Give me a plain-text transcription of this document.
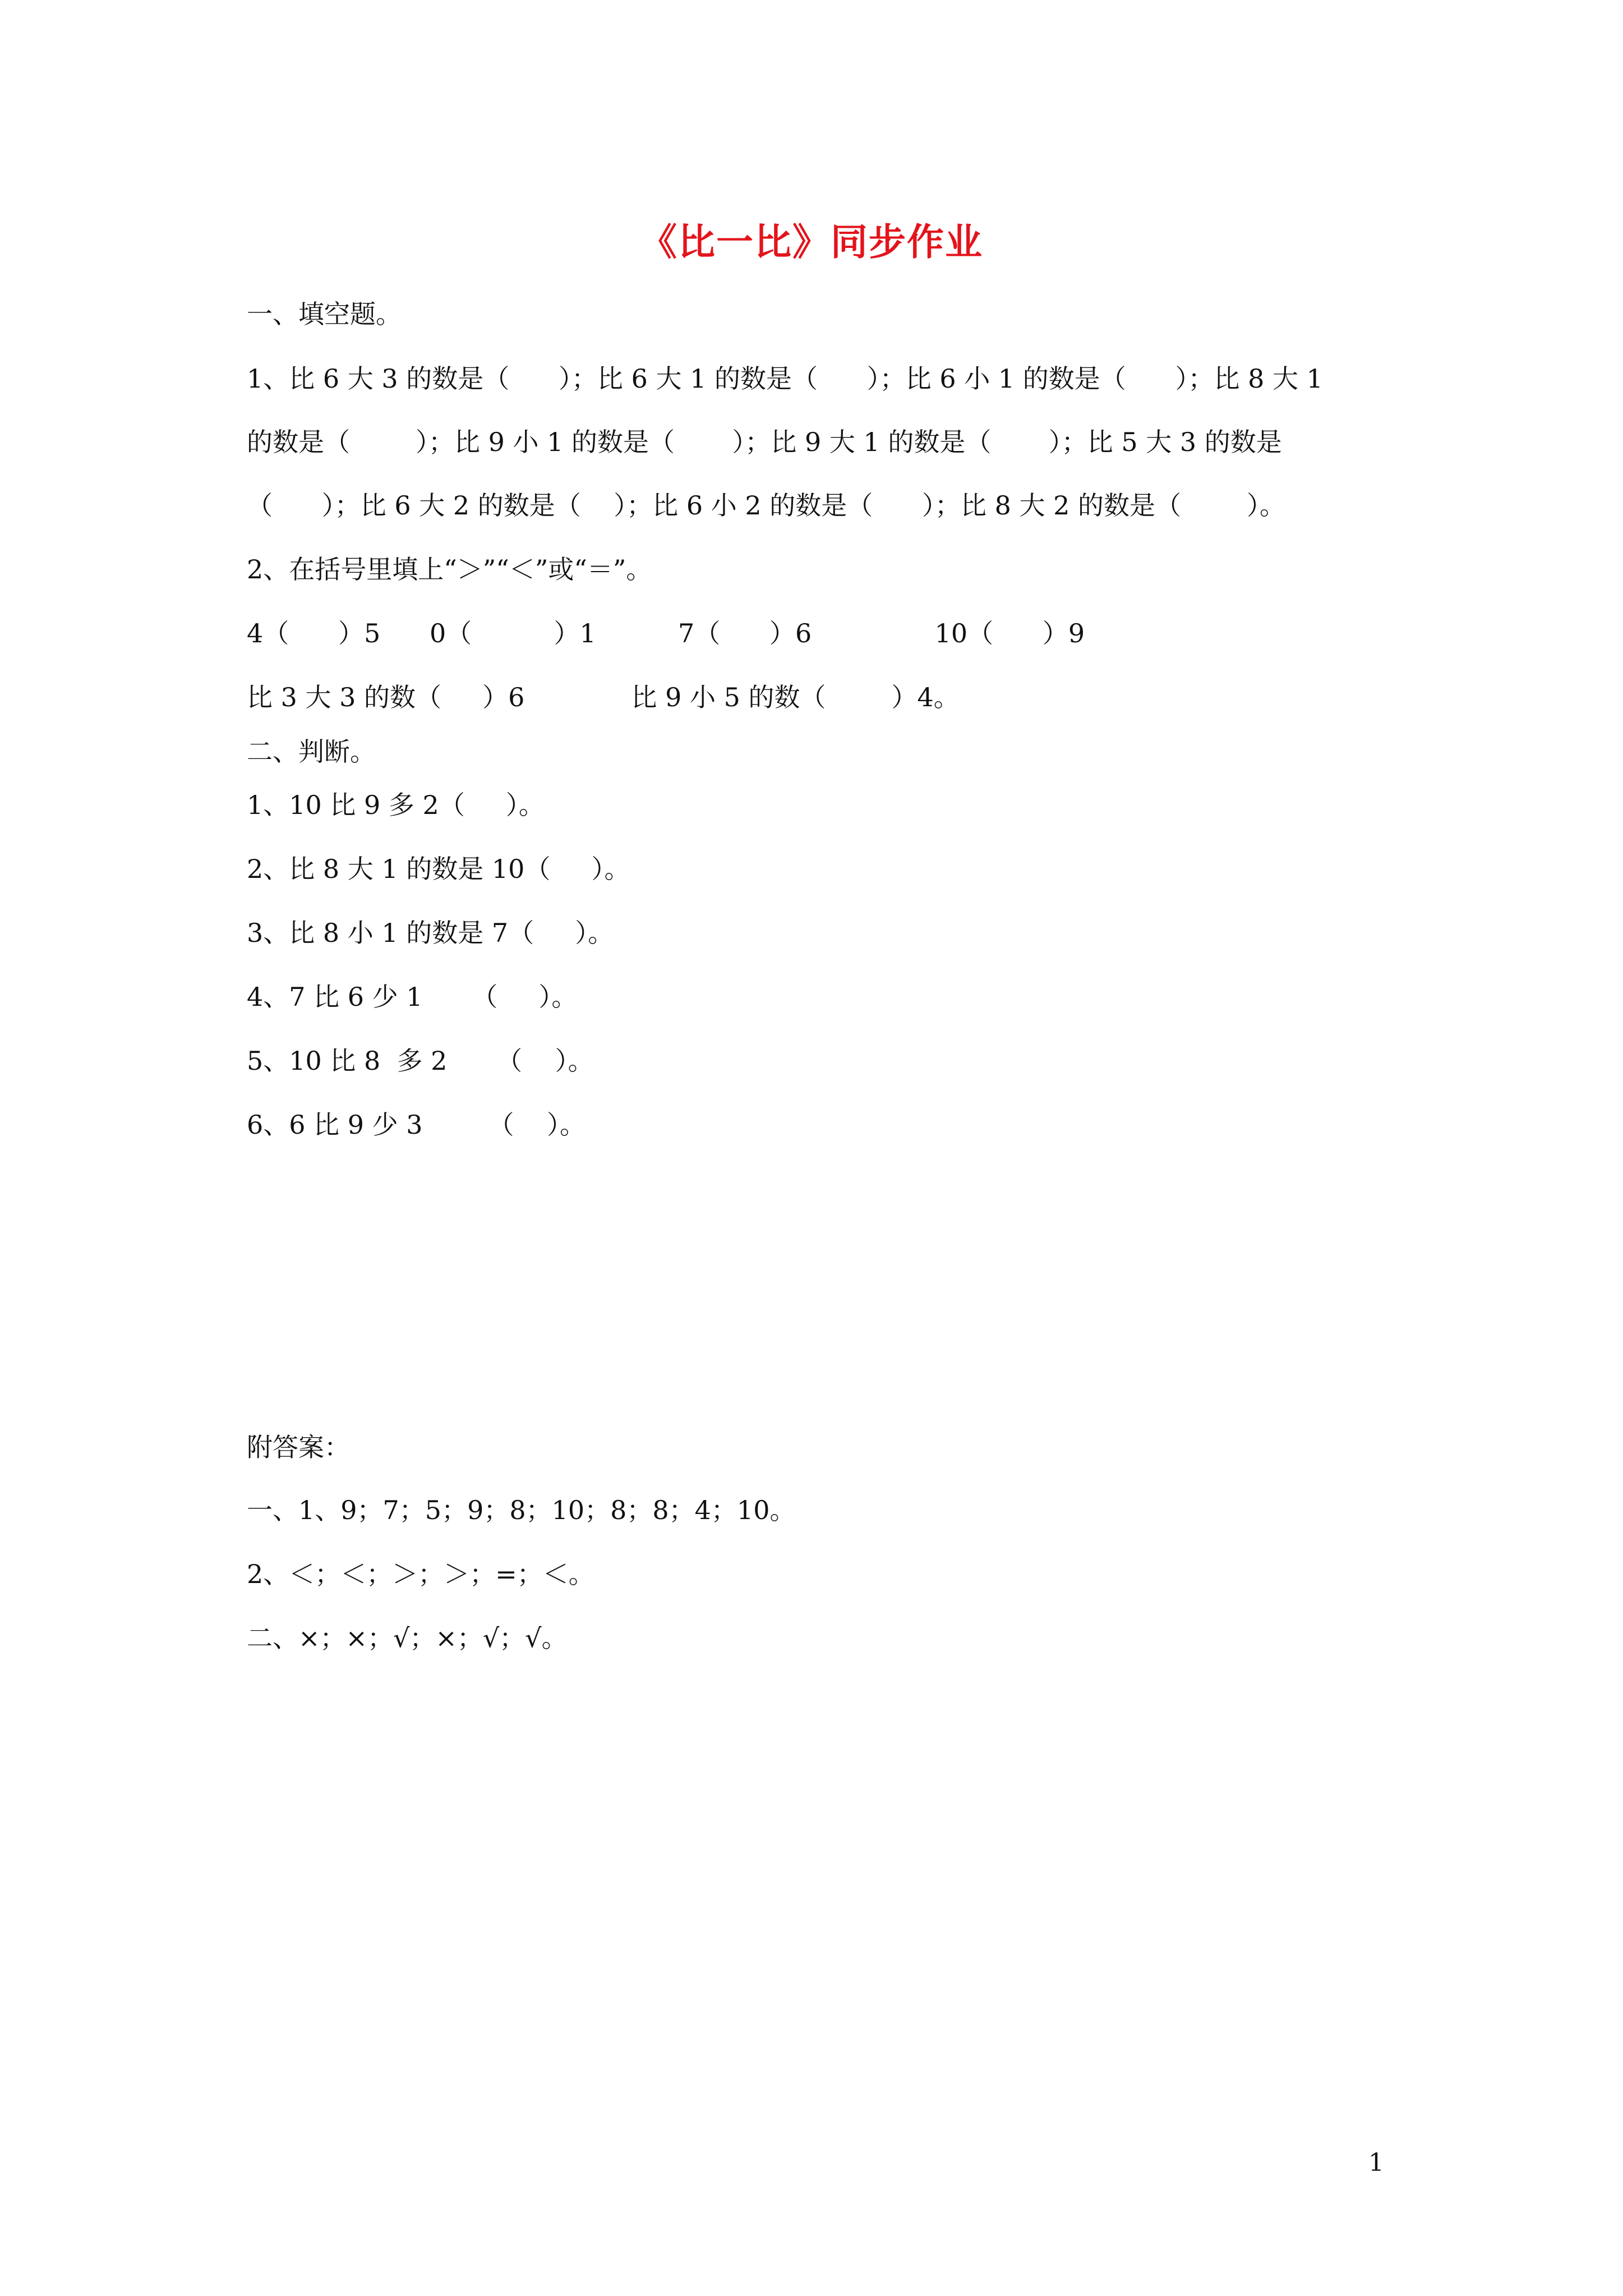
《比一比》同步作业
一、填空题。
1、比 6 大 3 的数是（      ）；比 6 大 1 的数是（      ）；比 6 小 1 的数是（      ）；比 8 大 1
的数是（        ）；比 9 小 1 的数是（       ）；比 9 大 1 的数是（       ）；比 5 大 3 的数是
（      ）；比 6 大 2 的数是（    ）；比 6 小 2 的数是（      ）；比 8 大 2 的数是（        ）。
2、在括号里填上“＞”“＜”或“＝”。
4（      ）5      0（          ）1          7（      ）6               10（      ）9
比 3 大 3 的数（     ）6             比 9 小 5 的数（        ）4。
二、判断。
1、10 比 9 多 2（     ）。
2、比 8 大 1 的数是 10（     ）。
3、比 8 小 1 的数是 7（     ）。
4、7 比 6 少 1      （     ）。
5、10 比 8  多 2      （    ）。
6、6 比 9 少 3        （    ）。
附答案：
一、1、9；7；5；9；8；10；8；8；4；10。
2、＜；＜；＞；＞；=；＜。
二、×；×；√；×；√；√。
1
